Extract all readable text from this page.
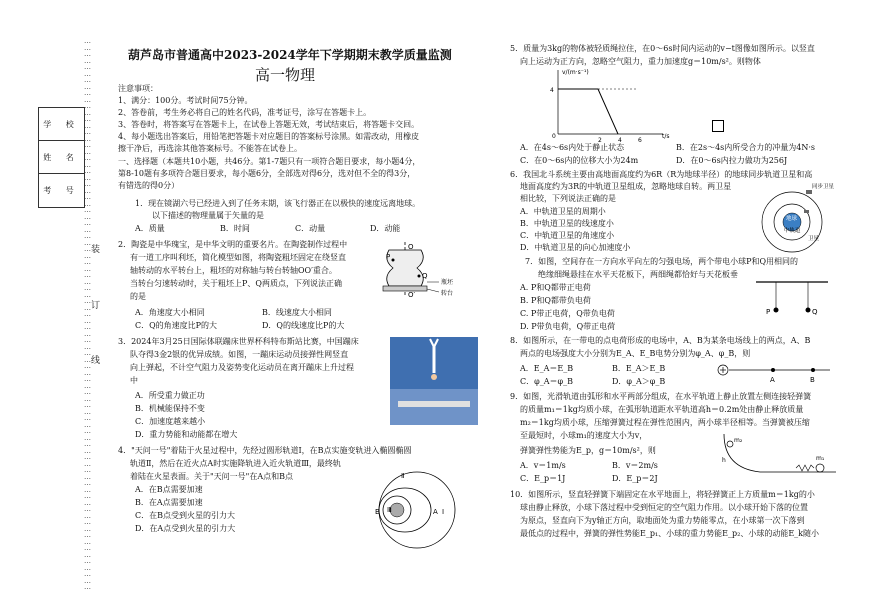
…
…
…
…
…
…
…
…
…
…
…
…
…
…
…
…
…
…
…
…
…
…
…
…
…
…
…
…
…
…
…
…
…
…
…
…
…
…
…
…
…
…
…
…
…
…
…
…
…
…
…
…
…
…
…
…
…
…
…
…
…
…
…
…
…
…
…
…
…
…
…
…
…
…
…
…
…
…
…
…
…
…
…
…
…
装
订
线
学 校
姓 名
考 号
葫芦岛市普通高中2023-2024学年下学期期末教学质量监测
高一物理
注意事项：
1、满分：100分。考试时间75分钟。
2、答卷前，考生务必将自己的姓名代码，准考证号，涂写在答题卡上。
3、答卷时，将答案写在答题卡上，在试卷上答题无效，考试结束后，将答题卡交回。
4、每小题选出答案后，用铅笔把答题卡对应题目的答案标号涂黑。如需改动，用橡皮
擦干净后，再选涂其他答案标号。不能答在试卷上。
一、选择题（本题共10小题，共46分。第1-7题只有一项符合题目要求，每小题4分，
第8-10题有多项符合题目要求，每小题6分，全部选对得6分，选对但不全的得3分，
有错选的得0分）
1．现在镜湖六号已经进入到了任务末期，该飞行器正在以极快的速度远离地球。
以下描述的物理量属于矢量的是
A．质量	B．时间	C．动量	D．动能
2．陶瓷是中华瑰宝，是中华文明的重要名片。在陶瓷制作过程中
有一道工序叫利坯，简化模型如图，将陶瓷粗坯固定在绕竖直
轴转动的水平转台上，粗坯的对称轴与转台转轴OO′重合。
当转台匀速转动时，关于粗坯上P、Q两质点，下列说法正确
的是
A．角速度大小相同	B．线速度大小相同
C．Q的角速度比P的大	D．Q的线速度比P的大
3．2024年3月25日国际体联蹦床世界杯科特布斯站比赛，中国蹦床
队夺得3金2银的优异成绩。如图，一蹦床运动员接弹性网竖直
向上弹起，不计空气阻力及姿势变化运动员在离开蹦床上升过程
中
A．所受重力做正功
B．机械能保持不变
C．加速度越来越小
D．重力势能和动能都在增大
4．"天问一号"着陆于火星过程中，先经过圆形轨道Ⅰ，在B点实施变轨进入椭圆椭圆
轨道Ⅱ，然后在近火点A时实施降轨进入近火轨道Ⅲ，最终轨
着陆在火星表面。关于"天问一号"在A点和B点
A．在B点需要加速
B．在A点需要加速
C．在B点受到火星的引力大
D．在A点受到火星的引力大
O
O′
P
Q
瓶坯
转台
Ⅱ
Ⅲ
B	A Ⅰ
5．质量为3kg的物体被轻质绳拉住，在0～6s时间内运动的v−t图像如图所示。以竖直
向上运动为正方向，忽略空气阻力，重力加速度g＝10m/s²。则物体
v/(m·s⁻¹)
t/s
0
4
2	4	6
A．在4s～6s内处于静止状态	B．在2s～4s内所受合力的冲量为4N·s
C．在0～6s内的位移大小为24m	D．在0～6s内拉力做功为256J
6．我国北斗系统主要由高地面高度约为6R（R为地球半径）的地球同步轨道卫星和高
地面高度约为3R的中轨道卫星组成，忽略地球自转。两卫星
相比较，下列说法正确的是
A．中轨道卫星的周期小
B．中轨道卫星的线速度小
C．中轨道卫星的角速度小
D．中轨道卫星的向心加速度小
同步卫星
中轨道
卫星
地球
7．如图，空间存在一方向水平向左的匀强电场，两个带电小球P和Q用相同的
绝缘细绳悬挂在水平天花板下，两细绳都恰好与天花板垂
A. P和Q都带正电荷
B. P和Q都带负电荷
C. P带正电荷，Q带负电荷
D. P带负电荷，Q带正电荷
P	Q
8．如图所示，在一带电的点电荷形成的电场中，A、B为某条电场线上的两点，A、B
两点的电场强度大小分别为E_A、E_B电势分别为φ_A、φ_B，则
A．E_A＝E_B	B．E_A＞E_B
C．φ_A＝φ_B	D．φ_A＞φ_B	A	B
9．如图，光滑轨道由弧形和水平两部分组成，在水平轨道上静止放置左侧连接轻弹簧
的质量m₁＝1kg均质小球，在弧形轨道距水平轨道高h＝0.2m处由静止释放质量
m₂＝1kg均质小球，压缩弹簧过程在弹性范围内，两小球半径相等。当弹簧被压缩
至最短时，小球m₁的速度大小为v，
弹簧弹性势能为E_p，g＝10m/s²，则
A．v＝1m/s	B．v＝2m/s
C．E_p＝1J	D．E_p＝2J
m₂
h	m₁
10．如图所示，竖直轻弹簧下端固定在水平地面上，将轻弹簧正上方质量m＝1kg的小
球由静止释放，小球下落过程中受到恒定的空气阻力作用。以小球开始下落的位置
为原点，竖直向下为y轴正方向，取地面处为重力势能零点，在小球第一次下落到
最低点的过程中，弹簧的弹性势能E_p₁、小球的重力势能E_p₂、小球的动能E_k随小
